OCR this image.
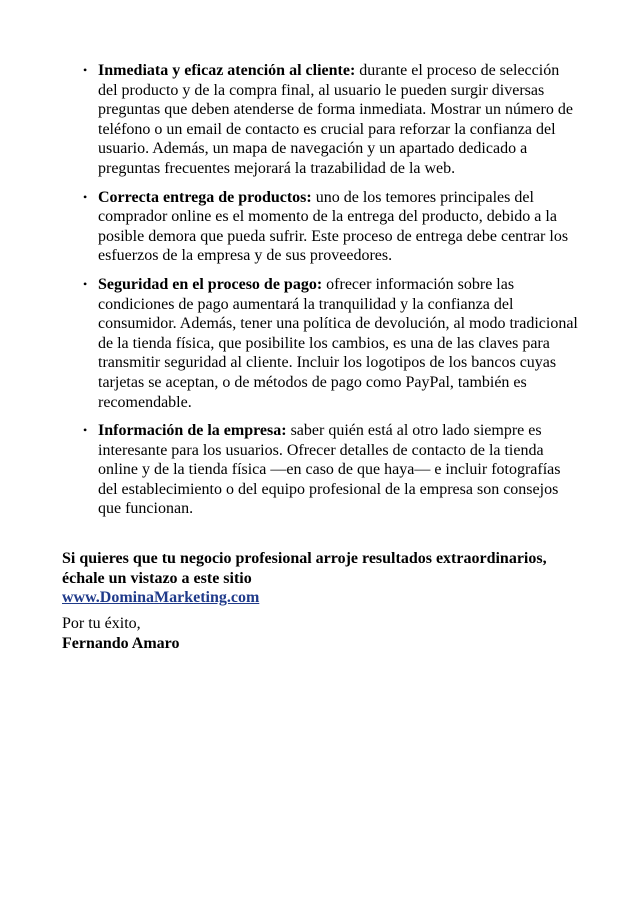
• Inmediata y eficaz atención al cliente: durante el proceso de selección del producto y de la compra final, al usuario le pueden surgir diversas preguntas que deben atenderse de forma inmediata. Mostrar un número de teléfono o un email de contacto es crucial para reforzar la confianza del usuario. Además, un mapa de navegación y un apartado dedicado a preguntas frecuentes mejorará la trazabilidad de la web.
• Correcta entrega de productos: uno de los temores principales del comprador online es el momento de la entrega del producto, debido a la posible demora que pueda sufrir. Este proceso de entrega debe centrar los esfuerzos de la empresa y de sus proveedores.
• Seguridad en el proceso de pago: ofrecer información sobre las condiciones de pago aumentará la tranquilidad y la confianza del consumidor. Además, tener una política de devolución, al modo tradicional de la tienda física, que posibilite los cambios, es una de las claves para transmitir seguridad al cliente. Incluir los logotipos de los bancos cuyas tarjetas se aceptan, o de métodos de pago como PayPal, también es recomendable.
• Información de la empresa: saber quién está al otro lado siempre es interesante para los usuarios. Ofrecer detalles de contacto de la tienda online y de la tienda física —en caso de que haya— e incluir fotografías del establecimiento o del equipo profesional de la empresa son consejos que funcionan.
Si quieres que tu negocio profesional arroje resultados extraordinarios, échale un vistazo a este sitio
www.DominaMarketing.com
Por tu éxito,
Fernando Amaro
